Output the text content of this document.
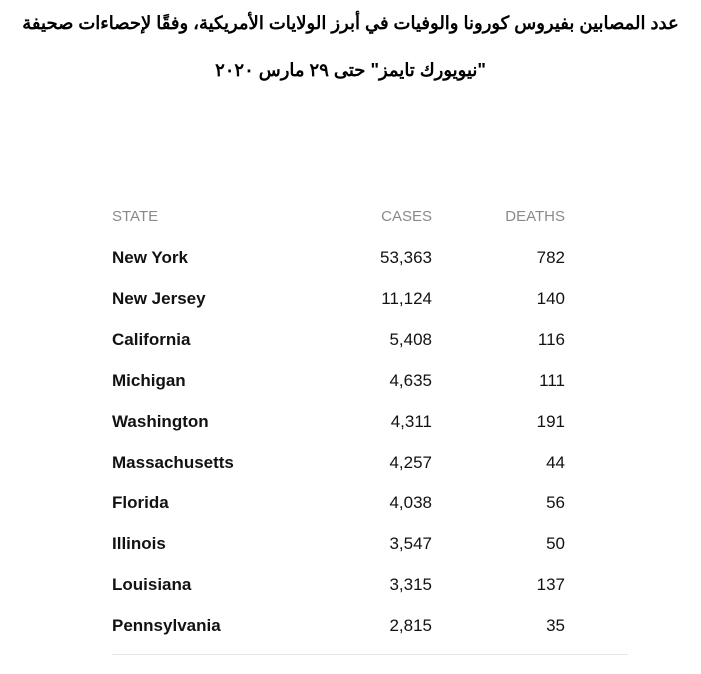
عدد المصابين بفيروس كورونا والوفيات في أبرز الولايات الأمريكية، وفقًا لإحصاءات صحيفة
"نيويورك تايمز" حتى ٢٩ مارس ٢٠٢٠
STATE	CASES	DEATHS
New York	53,363	782
New Jersey	11,124	140
California	5,408	116
Michigan	4,635	111
Washington	4,311	191
Massachusetts	4,257	44
Florida	4,038	56
Illinois	3,547	50
Louisiana	3,315	137
Pennsylvania	2,815	35
